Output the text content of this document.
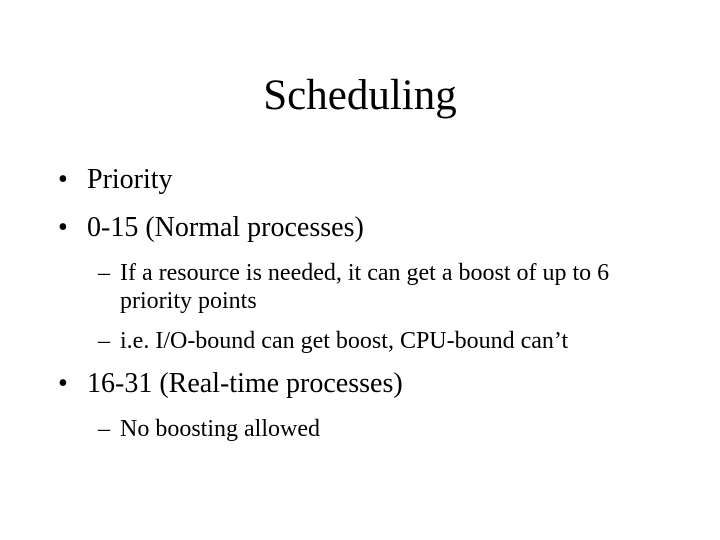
Scheduling
• Priority
• 0-15 (Normal processes)
– If a resource is needed, it can get a boost of up to 6 priority points
– i.e. I/O-bound can get boost, CPU-bound can’t
• 16-31 (Real-time processes)
– No boosting allowed
